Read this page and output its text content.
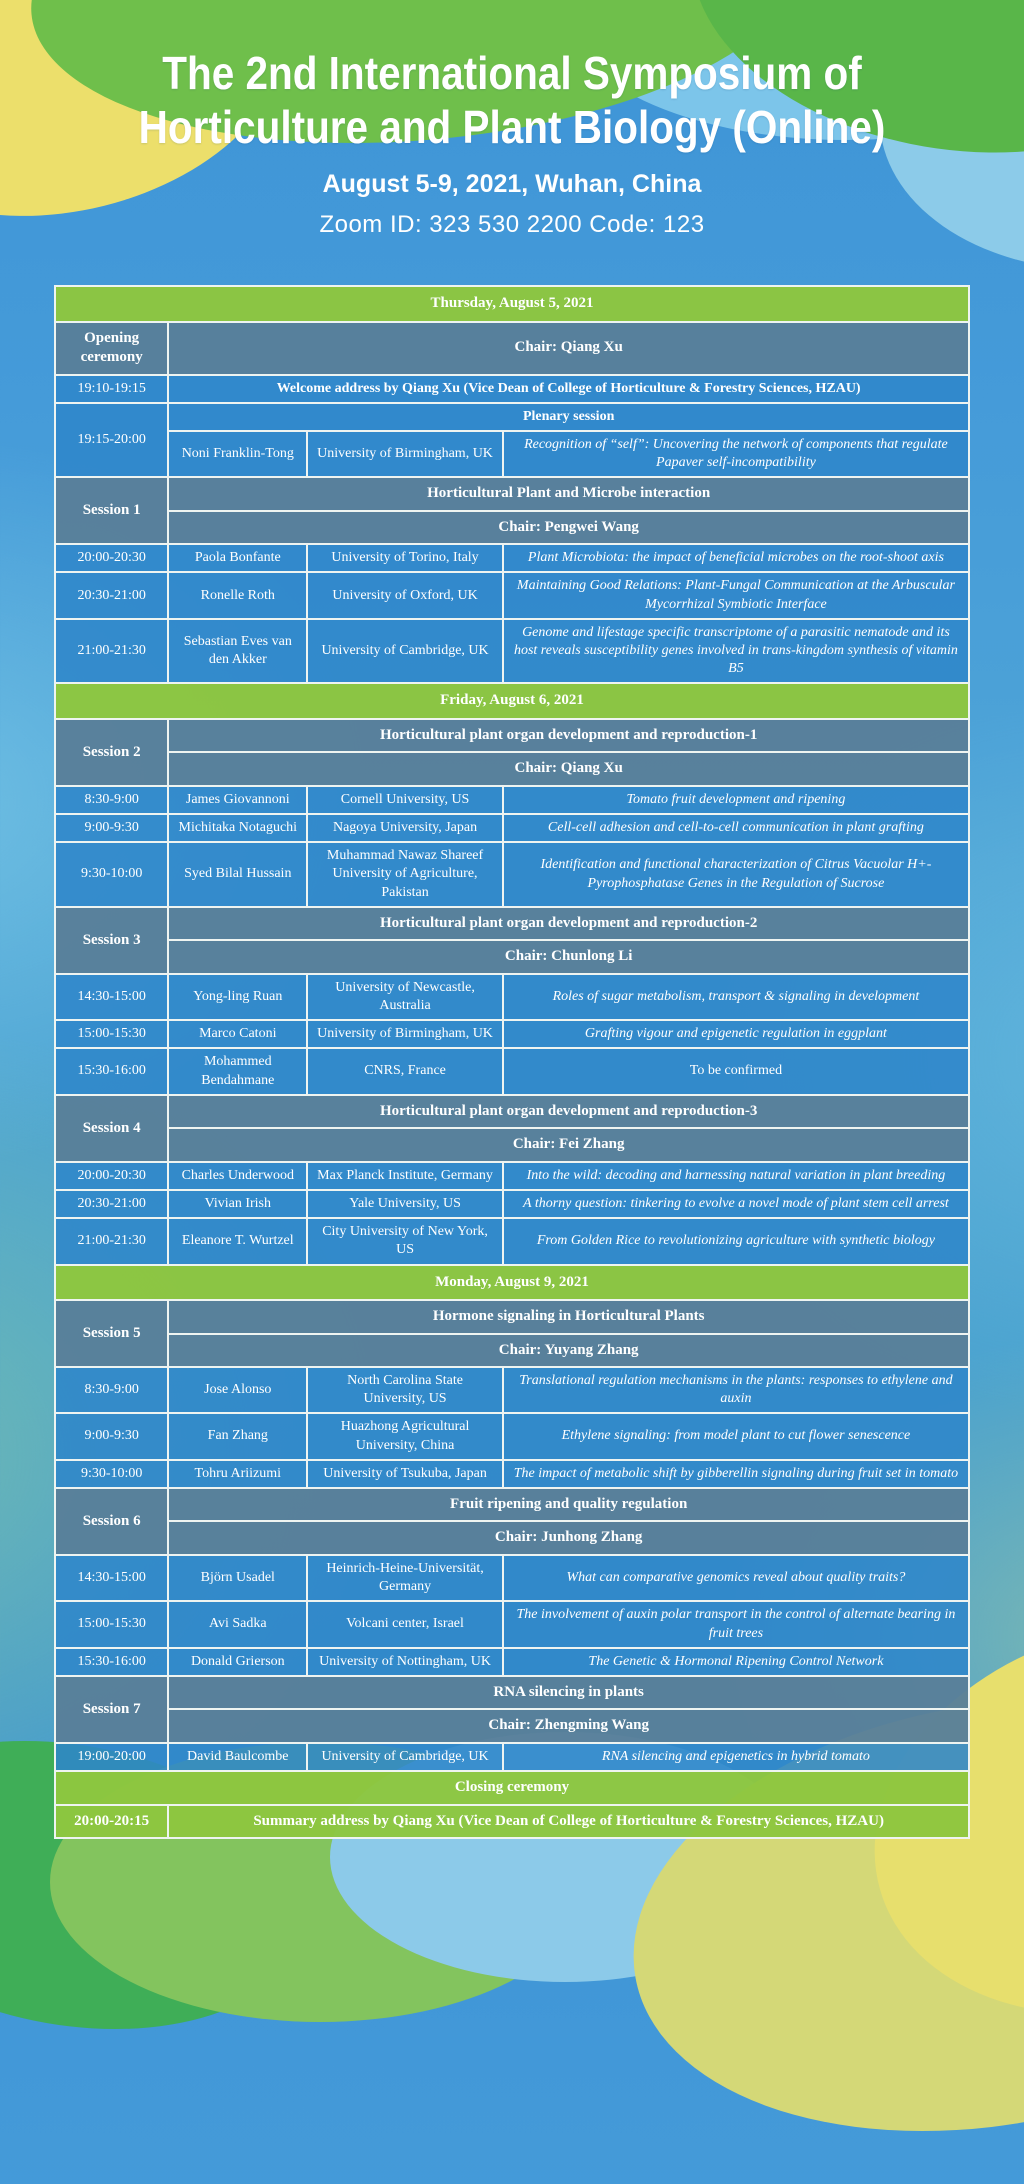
The 2nd International Symposium of
Horticulture and Plant Biology (Online)
August 5-9, 2021, Wuhan, China
Zoom ID: 323 530 2200 Code: 123
Thursday, August 5, 2021			
Opening ceremony	Chair: Qiang Xu		
19:10-19:15	Welcome address by Qiang Xu (Vice Dean of College of Horticulture & Forestry Sciences, HZAU)		
19:15-20:00	Plenary session		
	Noni Franklin-Tong	University of Birmingham, UK	Recognition of “self”: Uncovering the network of components that regulate Papaver self-incompatibility
Session 1	Horticultural Plant and Microbe interaction		
	Chair: Pengwei Wang		
20:00-20:30	Paola Bonfante	University of Torino, Italy	Plant Microbiota: the impact of beneficial microbes on the root-shoot axis
20:30-21:00	Ronelle Roth	University of Oxford, UK	Maintaining Good Relations: Plant-Fungal Communication at the Arbuscular Mycorrhizal Symbiotic Interface
21:00-21:30	Sebastian Eves van den Akker	University of Cambridge, UK	Genome and lifestage specific transcriptome of a parasitic nematode and its host reveals susceptibility genes involved in trans-kingdom synthesis of vitamin B5
Friday, August 6, 2021			
Session 2	Horticultural plant organ development and reproduction-1		
	Chair: Qiang Xu		
8:30-9:00	James Giovannoni	Cornell University, US	Tomato fruit development and ripening
9:00-9:30	Michitaka Notaguchi	Nagoya University, Japan	Cell-cell adhesion and cell-to-cell communication in plant grafting
9:30-10:00	Syed Bilal Hussain	Muhammad Nawaz Shareef University of Agriculture, Pakistan	Identification and functional characterization of Citrus Vacuolar H+-Pyrophosphatase Genes in the Regulation of Sucrose
Session 3	Horticultural plant organ development and reproduction-2		
	Chair: Chunlong Li		
14:30-15:00	Yong-ling Ruan	University of Newcastle, Australia	Roles of sugar metabolism, transport & signaling in development
15:00-15:30	Marco Catoni	University of Birmingham, UK	Grafting vigour and epigenetic regulation in eggplant
15:30-16:00	Mohammed Bendahmane	CNRS, France	To be confirmed
Session 4	Horticultural plant organ development and reproduction-3		
	Chair: Fei Zhang		
20:00-20:30	Charles Underwood	Max Planck Institute, Germany	Into the wild: decoding and harnessing natural variation in plant breeding
20:30-21:00	Vivian Irish	Yale University, US	A thorny question: tinkering to evolve a novel mode of plant stem cell arrest
21:00-21:30	Eleanore T. Wurtzel	City University of New York, US	From Golden Rice to revolutionizing agriculture with synthetic biology
Monday, August 9, 2021			
Session 5	Hormone signaling in Horticultural Plants		
	Chair: Yuyang Zhang		
8:30-9:00	Jose Alonso	North Carolina State University, US	Translational regulation mechanisms in the plants: responses to ethylene and auxin
9:00-9:30	Fan Zhang	Huazhong Agricultural University, China	Ethylene signaling: from model plant to cut flower senescence
9:30-10:00	Tohru Ariizumi	University of Tsukuba, Japan	The impact of metabolic shift by gibberellin signaling during fruit set in tomato
Session 6	Fruit ripening and quality regulation		
	Chair: Junhong Zhang		
14:30-15:00	Björn Usadel	Heinrich-Heine-Universität, Germany	What can comparative genomics reveal about quality traits?
15:00-15:30	Avi Sadka	Volcani center, Israel	The involvement of auxin polar transport in the control of alternate bearing in fruit trees
15:30-16:00	Donald Grierson	University of Nottingham, UK	The Genetic & Hormonal Ripening Control Network
Session 7	RNA silencing in plants		
	Chair: Zhengming Wang		
19:00-20:00	David Baulcombe	University of Cambridge, UK	RNA silencing and epigenetics in hybrid tomato
Closing ceremony			
20:00-20:15	Summary address by Qiang Xu (Vice Dean of College of Horticulture & Forestry Sciences, HZAU)		
